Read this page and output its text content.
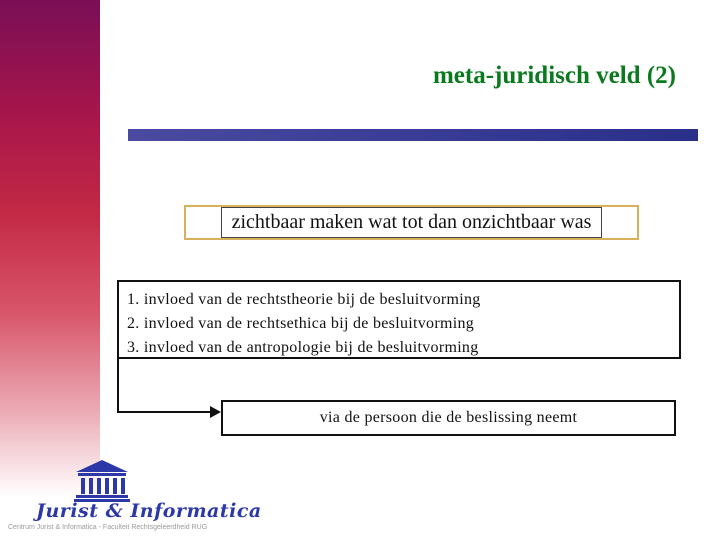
meta-juridisch veld (2)
zichtbaar maken wat tot dan onzichtbaar was
1. invloed van de rechtstheorie bij de besluitvorming
2. invloed van de rechtsethica bij de besluitvorming
3. invloed van de antropologie bij de besluitvorming
via de persoon die de beslissing neemt
Jurist & Informatica
Centrum Jurist & Informatica - Faculteit Rechtsgeleerdheid RUG
